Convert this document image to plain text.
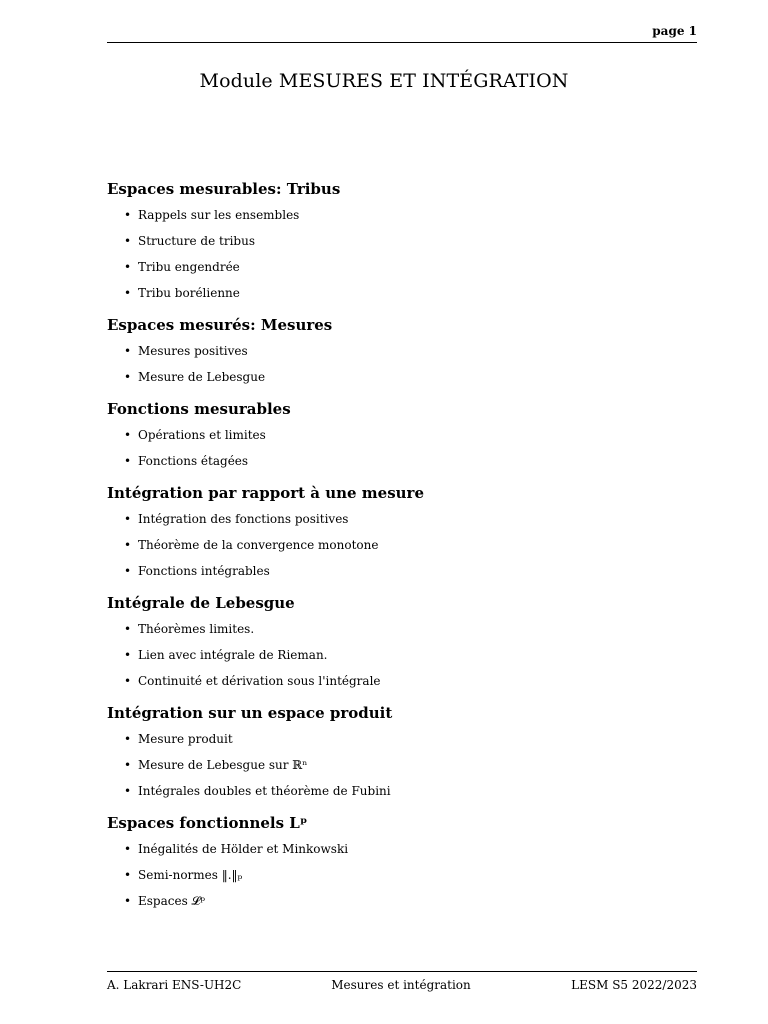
page 1
Module MESURES ET INTÉGRATION
Espaces mesurables: Tribus
• Rappels sur les ensembles
• Structure de tribus
• Tribu engendrée
• Tribu borélienne
Espaces mesurés: Mesures
• Mesures positives
• Mesure de Lebesgue
Fonctions mesurables
• Opérations et limites
• Fonctions étagées
Intégration par rapport à une mesure
• Intégration des fonctions positives
• Théorème de la convergence monotone
• Fonctions intégrables
Intégrale de Lebesgue
• Théorèmes limites.
• Lien avec intégrale de Rieman.
• Continuité et dérivation sous l'intégrale
Intégration sur un espace produit
• Mesure produit
• Mesure de Lebesgue sur ℝⁿ
• Intégrales doubles et théorème de Fubini
Espaces fonctionnels Lᵖ
• Inégalités de Hölder et Minkowski
• Semi-normes ‖.‖ₚ
• Espaces 𝓛ᵖ
A. Lakrari ENS-UH2C	Mesures et intégration	LESM S5 2022/2023
